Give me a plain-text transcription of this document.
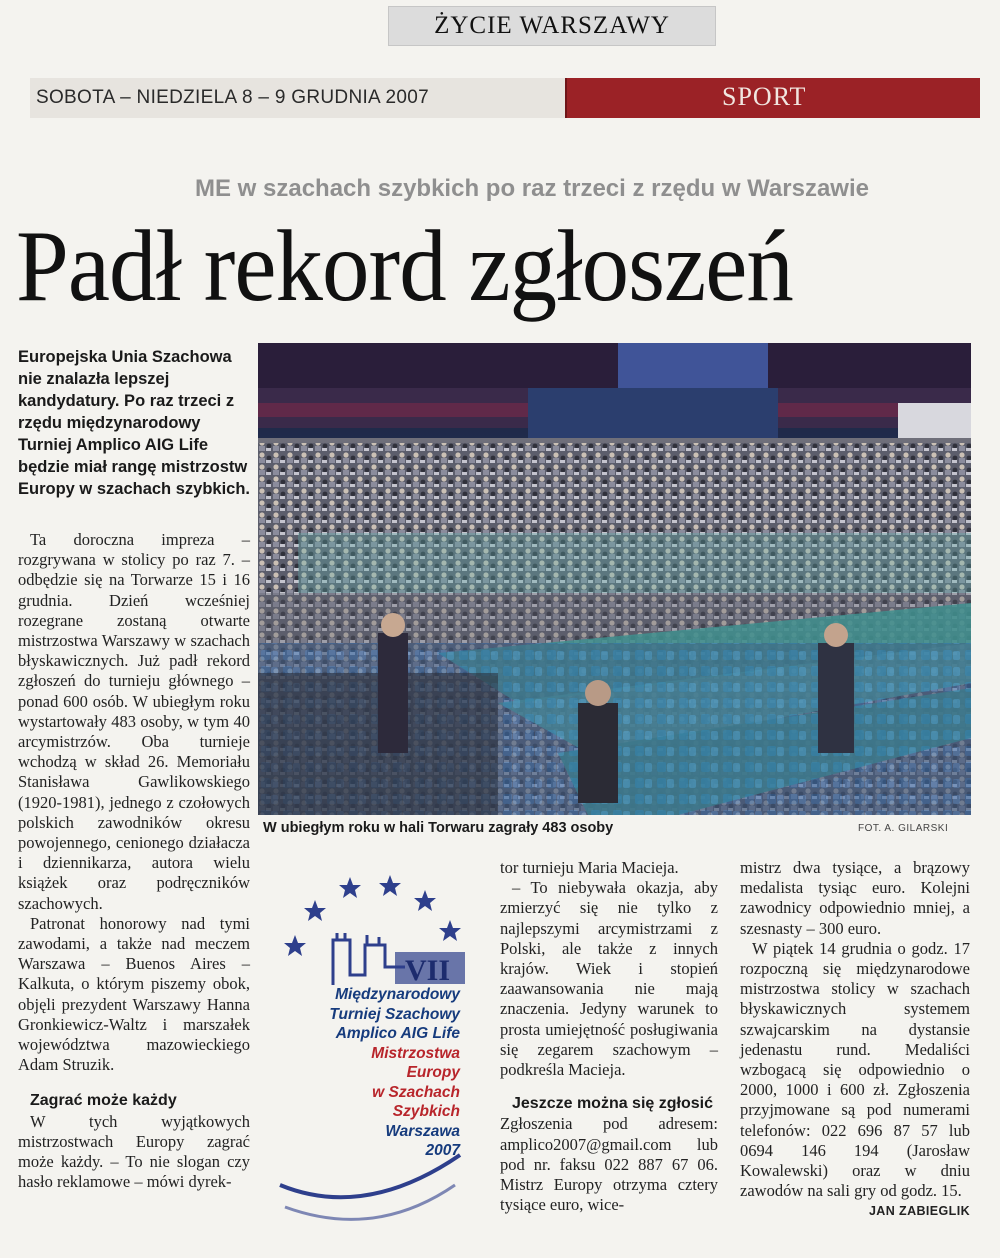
ŻYCIE WARSZAWY
SOBOTA – NIEDZIELA 8 – 9 GRUDNIA 2007	SPORT
ME w szachach szybkich po raz trzeci z rzędu w Warszawie
Padł rekord zgłoszeń

Europejska Unia Szachowa nie znalazła lepszej kandydatury. Po raz trzeci z rzędu międzynarodowy Turniej Amplico AIG Life będzie miał rangę mistrzostw Europy w szachach szybkich.

Ta doroczna impreza – rozgrywana w stolicy po raz 7. – odbędzie się na Torwarze 15 i 16 grudnia. Dzień wcześniej rozegrane zostaną otwarte mistrzostwa Warszawy w szachach błyskawicznych. Już padł rekord zgłoszeń do turnieju głównego – ponad 600 osób. W ubiegłym roku wystartowały 483 osoby, w tym 40 arcymistrzów. Oba turnieje wchodzą w skład 26. Memoriału Stanisława Gawlikowskiego (1920-1981), jednego z czołowych polskich zawodników okresu powojennego, cenionego działacza i dziennikarza, autora wielu książek oraz podręczników szachowych.

Patronat honorowy nad tymi zawodami, a także nad meczem Warszawa – Buenos Aires – Kalkuta, o którym piszemy obok, objęli prezydent Warszawy Hanna Gronkiewicz-Waltz i marszałek województwa mazowieckiego Adam Struzik.

Zagrać może każdy

W tych wyjątkowych mistrzostwach Europy zagrać może każdy. – To nie slogan czy hasło reklamowe – mówi dyrek-

W ubiegłym roku w hali Torwaru zagrały 483 osoby	FOT. A. GILARSKI
VII
Międzynarodowy
Turniej Szachowy
Amplico AIG Life
Mistrzostwa
Europy
w Szachach
Szybkich
Warszawa
2007

tor turnieju Maria Macieja.

– To niebywała okazja, aby zmierzyć się nie tylko z najlepszymi arcymistrzami z Polski, ale także z innych krajów. Wiek i stopień zaawansowania nie mają znaczenia. Jedyny warunek to prosta umiejętność posługiwania się zegarem szachowym – podkreśla Macieja.

Jeszcze można się zgłosić

Zgłoszenia pod adresem: amplico2007@gmail.com lub pod nr. faksu 022 887 67 06. Mistrz Europy otrzyma cztery tysiące euro, wice-

mistrz dwa tysiące, a brązowy medalista tysiąc euro. Kolejni zawodnicy odpowiednio mniej, a szesnasty – 300 euro.

W piątek 14 grudnia o godz. 17 rozpoczną się międzynarodowe mistrzostwa stolicy w szachach błyskawicznych systemem szwajcarskim na dystansie jedenastu rund. Medaliści wzbogacą się odpowiednio o 2000, 1000 i 600 zł. Zgłoszenia przyjmowane są pod numerami telefonów: 022 696 87 57 lub 0694 146 194 (Jarosław Kowalewski) oraz w dniu zawodów na sali gry od godz. 15.

JAN ZABIEGLIK
